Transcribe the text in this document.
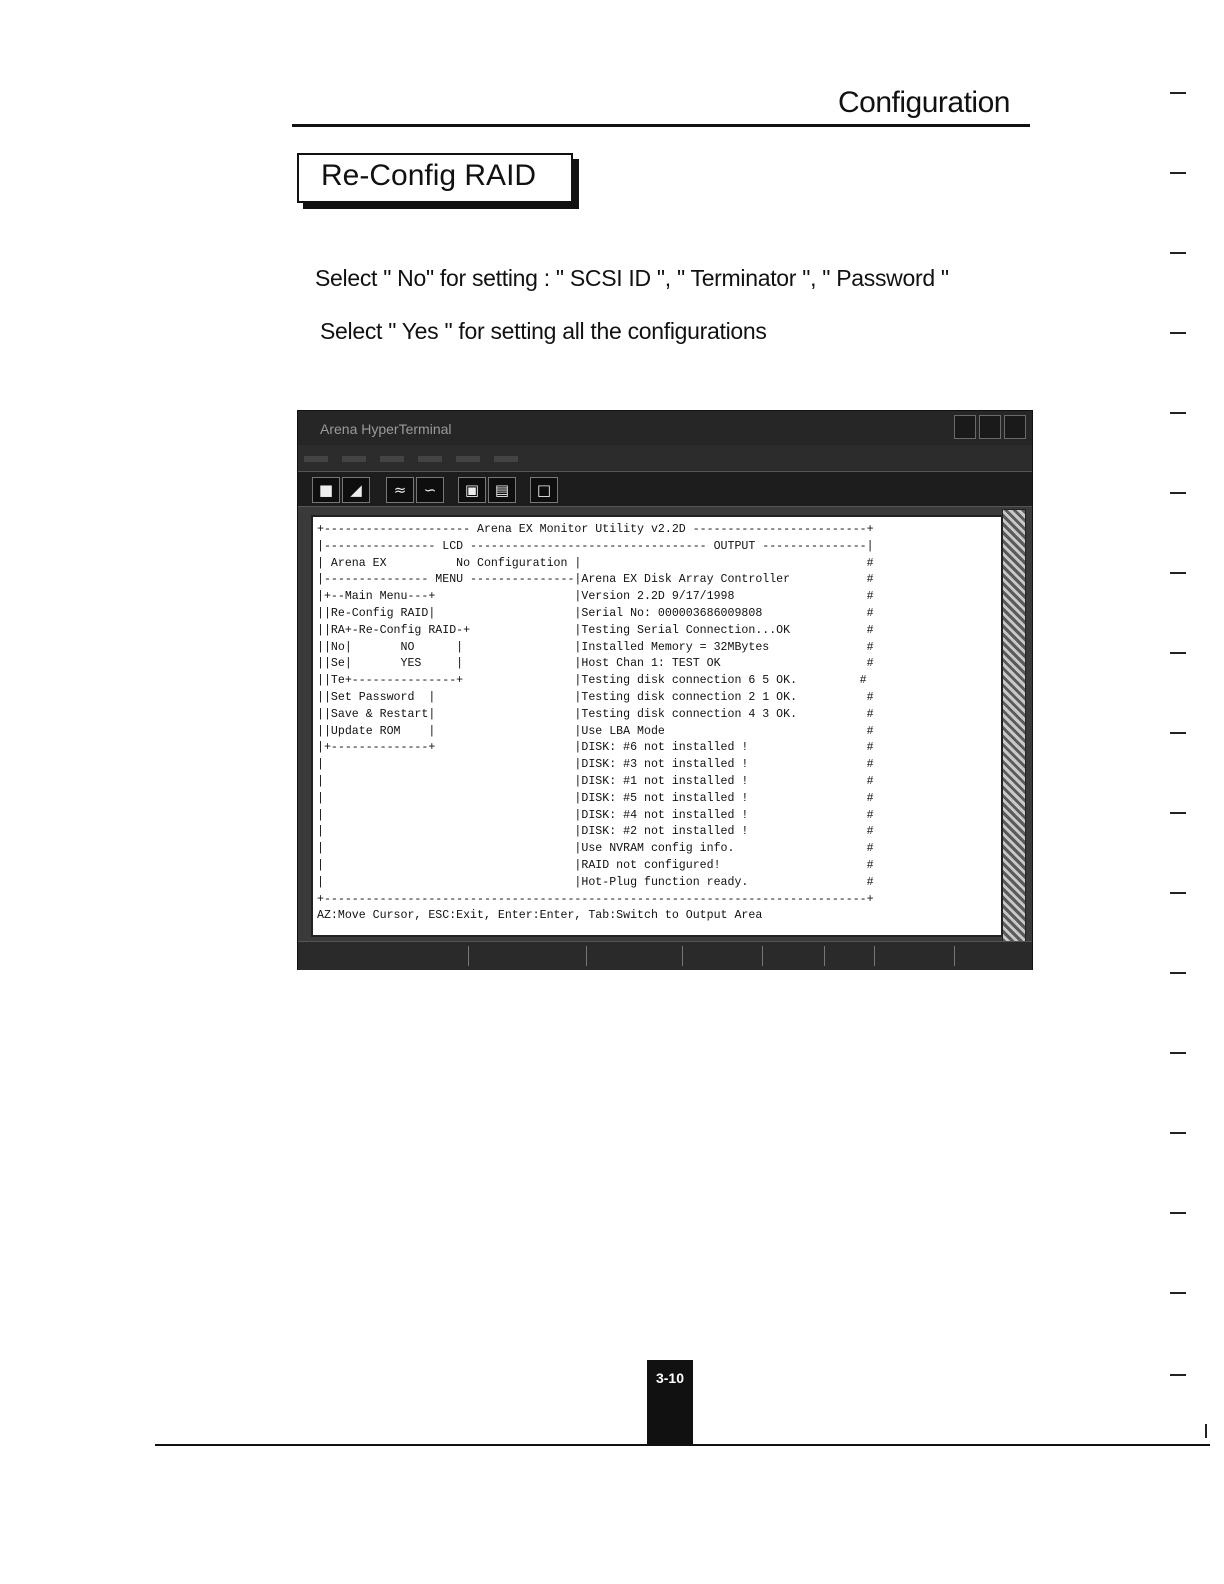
Configuration
Re-Config RAID
Select " No" for setting : " SCSI ID ", " Terminator ", " Password "
Select " Yes " for setting all the configurations
Arena HyperTerminal
■	◢	≈	∽	▣	▤	□
+--------------------- Arena EX Monitor Utility v2.2D -------------------------+
|---------------- LCD ---------------------------------- OUTPUT ---------------|
| Arena EX          No Configuration |                                         #
|--------------- MENU ---------------|Arena EX Disk Array Controller           #
|+--Main Menu---+                    |Version 2.2D 9/17/1998                   #
||Re-Config RAID|                    |Serial No: 000003686009808               #
||RA+-Re-Config RAID-+               |Testing Serial Connection...OK           #
||No|       NO      |                |Installed Memory = 32MBytes              #
||Se|       YES     |                |Host Chan 1: TEST OK                     #
||Te+---------------+                |Testing disk connection 6 5 OK.         #
||Set Password  |                    |Testing disk connection 2 1 OK.          #
||Save & Restart|                    |Testing disk connection 4 3 OK.          #
||Update ROM    |                    |Use LBA Mode                             #
|+--------------+                    |DISK: #6 not installed !                 #
|                                    |DISK: #3 not installed !                 #
|                                    |DISK: #1 not installed !                 #
|                                    |DISK: #5 not installed !                 #
|                                    |DISK: #4 not installed !                 #
|                                    |DISK: #2 not installed !                 #
|                                    |Use NVRAM config info.                   #
|                                    |RAID not configured!                     #
|                                    |Hot-Plug function ready.                 #
+------------------------------------------------------------------------------+
AZ:Move Cursor, ESC:Exit, Enter:Enter, Tab:Switch to Output Area

3-10
